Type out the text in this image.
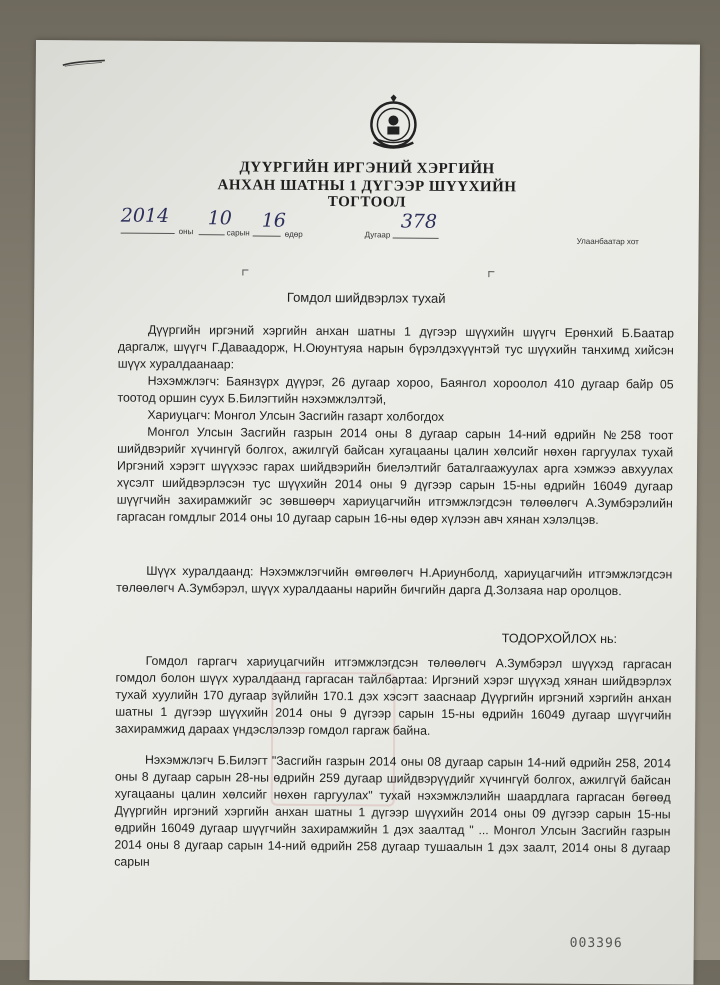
ДҮҮРГИЙН ИРГЭНИЙ ХЭРГИЙН
АНХАН ШАТНЫ 1 ДҮГЭЭР ШҮҮХИЙН
ТОГТООЛ
2014
оны
10
сарын
16
өдөр	Дугаар
378
Улаанбаатар хот
Гомдол шийдвэрлэх тухай

Дүүргийн иргэний хэргийн анхан шатны 1 дүгээр шүүхийн шүүгч Ерөнхий Б.Баатар даргалж, шүүгч Г.Даваадорж, Н.Оюунтуяа нарын бүрэлдэхүүнтэй тус шүүхийн танхимд хийсэн шүүх хуралдаанаар:

Нэхэмжлэгч: Баянзүрх дүүрэг, 26 дугаар хороо, Баянгол хороолол 410 дугаар байр 05 тоотод оршин суух Б.Билэгтийн нэхэмжлэлтэй,

Хариуцагч: Монгол Улсын Засгийн газарт холбогдох

Монгол Улсын Засгийн газрын 2014 оны 8 дугаар сарын 14-ний өдрийн №258 тоот шийдвэрийг хүчингүй болгох, ажилгүй байсан хугацааны цалин хөлсийг нөхөн гаргуулах тухай Иргэний хэрэгт шүүхээс гарах шийдвэрийн биелэлтийг баталгаажуулах арга хэмжээ авхуулах хүсэлт шийдвэрлэсэн тус шүүхийн 2014 оны 9 дүгээр сарын 15-ны өдрийн 16049 дугаар шүүгчийн захирамжийг эс зөвшөөрч хариуцагчийн итгэмжлэгдсэн төлөөлөгч А.Зумбэрэлийн гаргасан гомдлыг 2014 оны 10 дугаар сарын 16-ны өдөр хүлээн авч хянан хэлэлцэв.

Шүүх хуралдаанд: Нэхэмжлэгчийн өмгөөлөгч Н.Ариунболд, хариуцагчийн итгэмжлэгдсэн төлөөлөгч А.Зумбэрэл, шүүх хуралдааны нарийн бичгийн дарга Д.Золзаяа нар оролцов.

ТОДОРХОЙЛОХ нь:

Гомдол гаргагч хариуцагчийн итгэмжлэгдсэн төлөөлөгч А.Зумбэрэл шүүхэд гаргасан гомдол болон шүүх хуралдаанд гаргасан тайлбартаа: Иргэний хэрэг шүүхэд хянан шийдвэрлэх тухай хуулийн 170 дугаар зүйлийн 170.1 дэх хэсэгт зааснаар Дүүргийн иргэний хэргийн анхан шатны 1 дүгээр шүүхийн 2014 оны 9 дүгээр сарын 15-ны өдрийн 16049 дугаар шүүгчийн захирамжид дараах үндэслэлээр гомдол гаргаж байна.

Нэхэмжлэгч Б.Билэгт "Засгийн газрын 2014 оны 08 дугаар сарын 14-ний өдрийн 258, 2014 оны 8 дугаар сарын 28-ны өдрийн 259 дугаар шийдвэрүүдийг хүчингүй болгох, ажилгүй байсан хугацааны цалин хөлсийг нөхөн гаргуулах" тухай нэхэмжлэлийн шаардлага гаргасан бөгөөд Дүүргийн иргэний хэргийн анхан шатны 1 дүгээр шүүхийн 2014 оны 09 дүгээр сарын 15-ны өдрийн 16049 дугаар шүүгчийн захирамжийн 1 дэх заалтад " ... Монгол Улсын Засгийн газрын 2014 оны 8 дугаар сарын 14-ний өдрийн 258 дугаар тушаалын 1 дэх заалт, 2014 оны 8 дугаар сарын

003396
